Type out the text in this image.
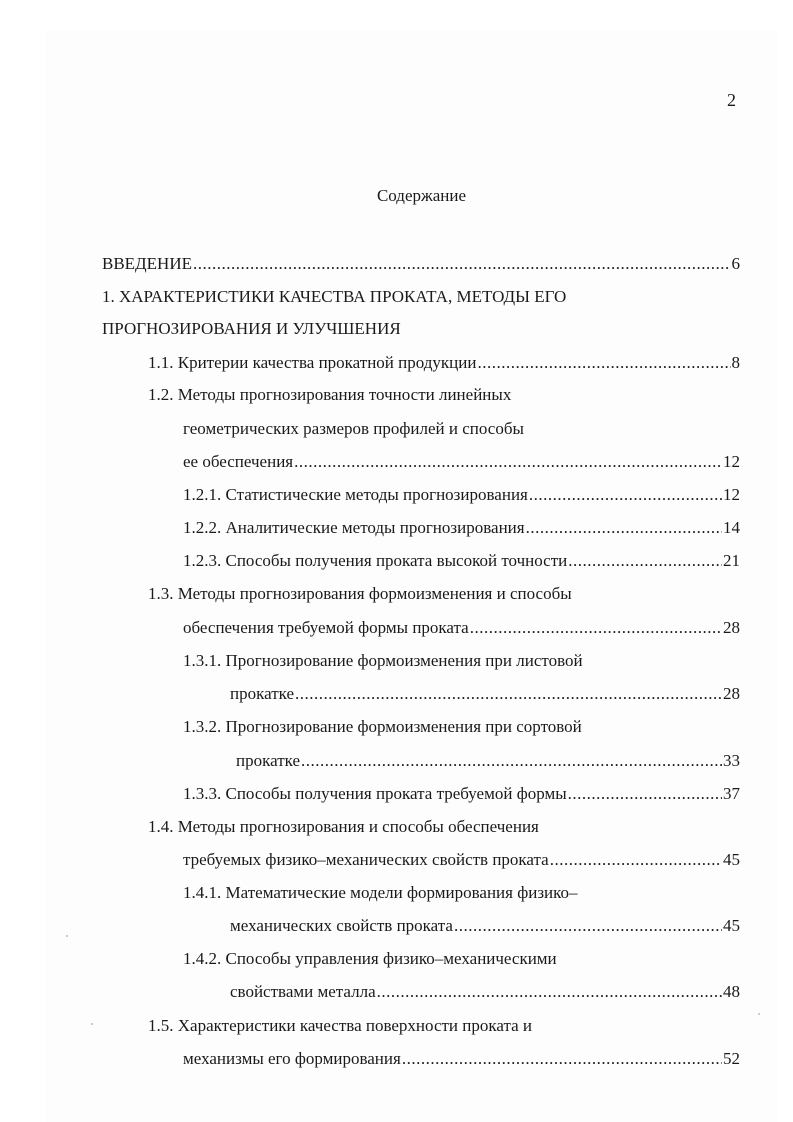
2
Содержание
ВВЕДЕНИЕ .....	6
1. ХАРАКТЕРИСТИКИ КАЧЕСТВА ПРОКАТА, МЕТОДЫ ЕГО
ПРОГНОЗИРОВАНИЯ И УЛУЧШЕНИЯ
1.1. Критерии качества прокатной продукции .....	8
1.2. Методы прогнозирования точности линейных
геометрических размеров профилей и способы
ее обеспечения .....	12
1.2.1. Статистические методы прогнозирования .....	12
1.2.2. Аналитические методы прогнозирования .....	14
1.2.3. Способы получения проката высокой точности .....	21
1.3. Методы прогнозирования формоизменения и способы
обеспечения требуемой формы проката .....	28
1.3.1. Прогнозирование формоизменения при листовой
прокатке .....	28
1.3.2. Прогнозирование формоизменения при сортовой
прокатке .....	33
1.3.3. Способы получения проката требуемой формы .....	37
1.4. Методы прогнозирования и способы обеспечения
требуемых физико–механических свойств проката .....	45
1.4.1. Математические модели формирования физико–
механических свойств проката .....	45
1.4.2. Способы управления физико–механическими
свойствами металла .....	48
1.5. Характеристики качества поверхности проката и
механизмы его формирования .....	52
